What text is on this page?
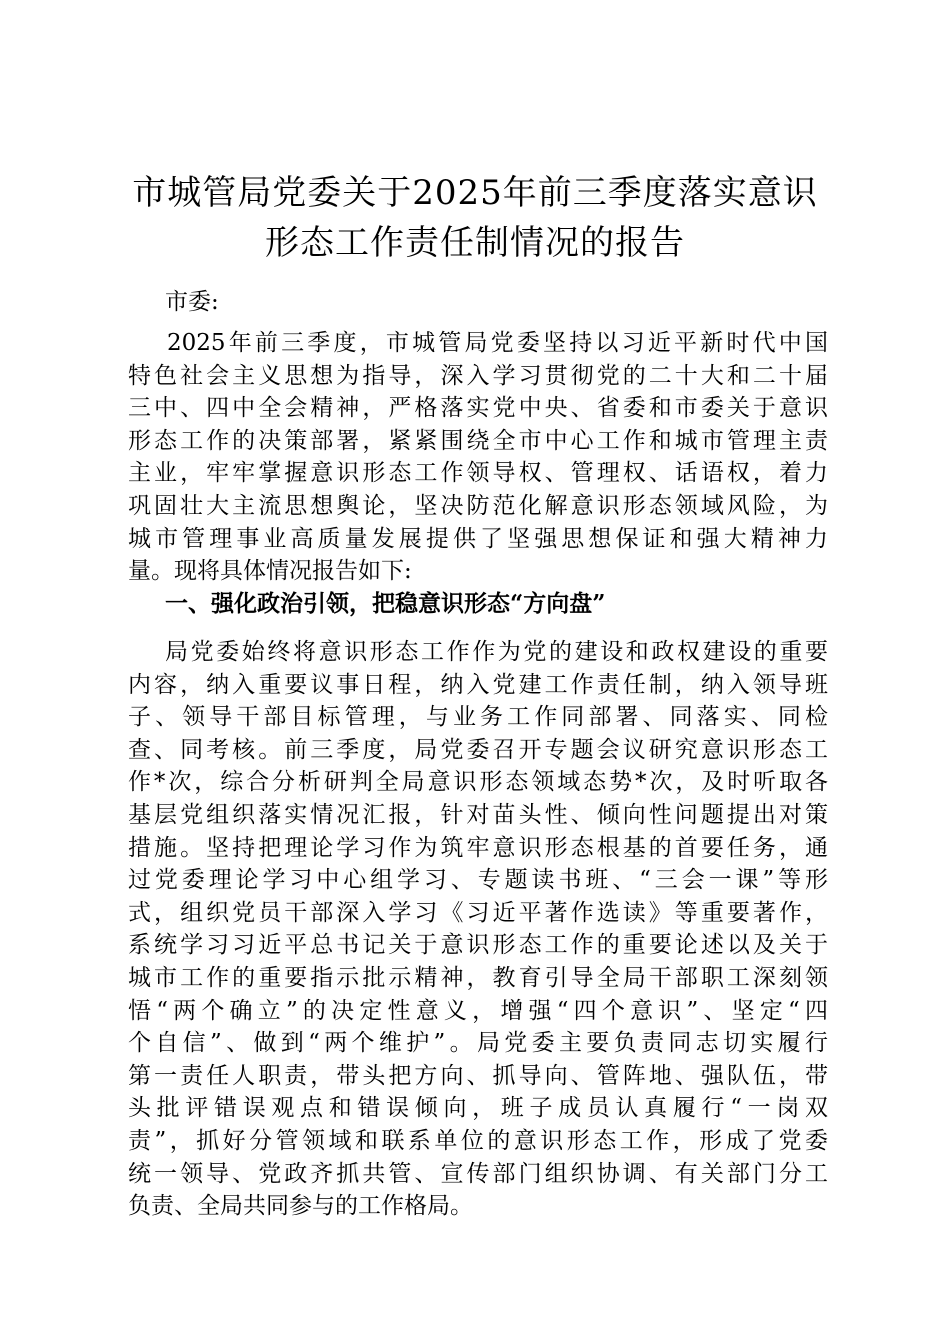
市城管局党委关于2025年前三季度落实意识
形态工作责任制情况的报告
市委:
2025年前三季度，市城管局党委坚持以习近平新时代中国
特色社会主义思想为指导，深入学习贯彻党的二十大和二十届
三中、四中全会精神，严格落实党中央、省委和市委关于意识
形态工作的决策部署，紧紧围绕全市中心工作和城市管理主责
主业，牢牢掌握意识形态工作领导权、管理权、话语权，着力
巩固壮大主流思想舆论，坚决防范化解意识形态领域风险，为
城市管理事业高质量发展提供了坚强思想保证和强大精神力
量。现将具体情况报告如下:
一、强化政治引领，把稳意识形态“方向盘”
局党委始终将意识形态工作作为党的建设和政权建设的重要
内容，纳入重要议事日程，纳入党建工作责任制，纳入领导班
子、领导干部目标管理，与业务工作同部署、同落实、同检
查、同考核。前三季度，局党委召开专题会议研究意识形态工
作*次，综合分析研判全局意识形态领域态势*次，及时听取各
基层党组织落实情况汇报，针对苗头性、倾向性问题提出对策
措施。坚持把理论学习作为筑牢意识形态根基的首要任务，通
过党委理论学习中心组学习、专题读书班、“三会一课”等形
式，组织党员干部深入学习《习近平著作选读》等重要著作，
系统学习习近平总书记关于意识形态工作的重要论述以及关于
城市工作的重要指示批示精神，教育引导全局干部职工深刻领
悟“两个确立”的决定性意义，增强“四个意识”、坚定“四
个自信”、做到“两个维护”。局党委主要负责同志切实履行
第一责任人职责，带头把方向、抓导向、管阵地、强队伍，带
头批评错误观点和错误倾向，班子成员认真履行“一岗双
责”，抓好分管领域和联系单位的意识形态工作，形成了党委
统一领导、党政齐抓共管、宣传部门组织协调、有关部门分工
负责、全局共同参与的工作格局。
